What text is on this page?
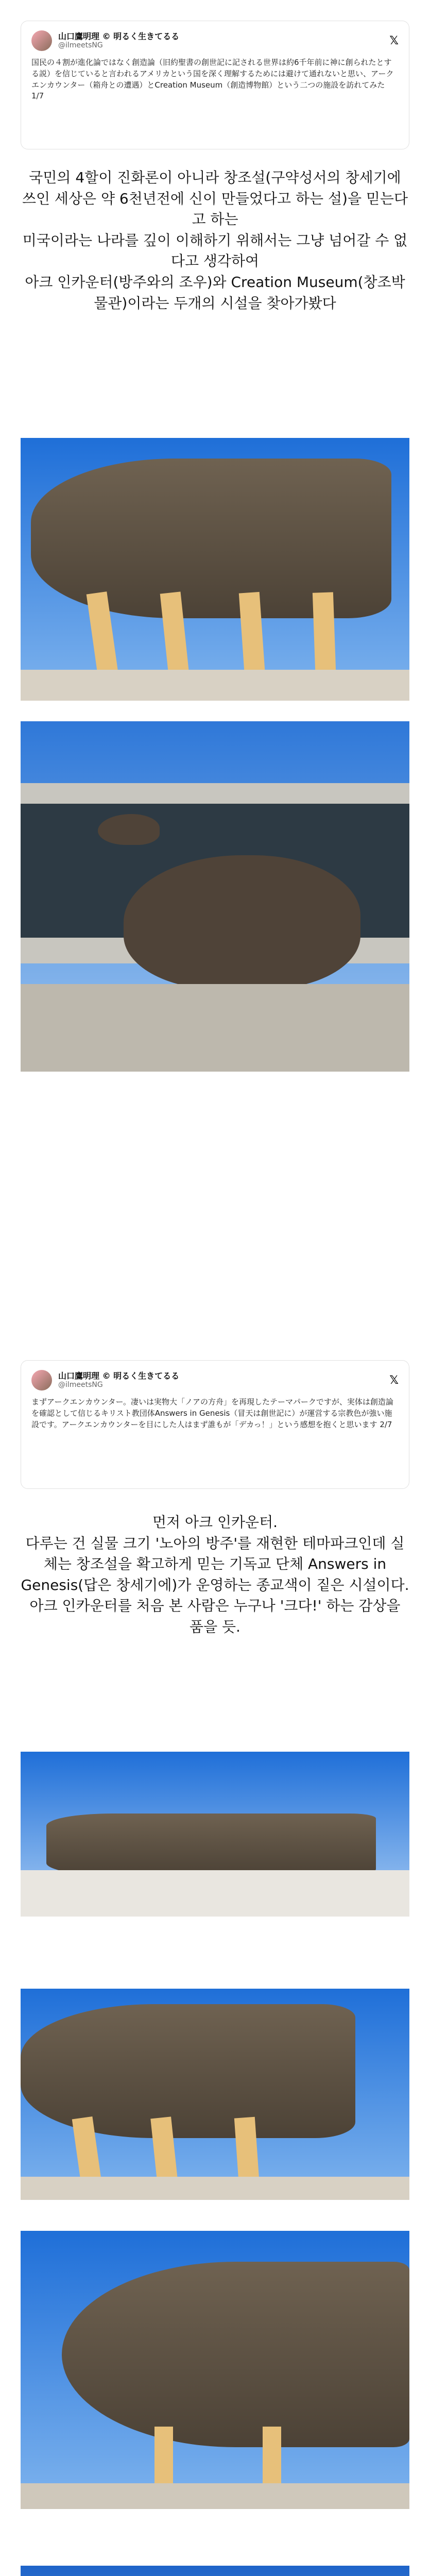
山口鷹明理 © 明るく生きてるる
@ilmeetsNG	𝕏
国民の４割が進化論ではなく創造論（旧約聖書の創世記に記される世界は約6千年前に神に創られたとする説）を信じていると言われるアメリカという国を深く理解するためには避けて通れないと思い、アークエンカウンター（箱舟との遭遇）とCreation Museum（創造博物館）という二つの施設を訪れてみた 1/7
국민의 4할이 진화론이 아니라 창조설(구약성서의 창세기에 쓰인 세상은 약 6천년전에 신이 만들었다고 하는 설)을 믿는다고 하는
미국이라는 나라를 깊이 이해하기 위해서는 그냥 넘어갈 수 없다고 생각하여
아크 인카운터(방주와의 조우)와 Creation Museum(창조박물관)이라는 두개의 시설을 찾아가봤다
山口鷹明理 © 明るく生きてるる
@ilmeetsNG	𝕏
まずアークエンカウンター。凄いは実物大「ノアの方舟」を再現したテーマパークですが、実体は創造論を確認として信じるキリスト教団体Answers in Genesis（冒天は創世記に）が運営する宗教色が強い施設です。アークエンカウンターを目にした人はまず誰もが「デカっ！」という感想を抱くと思います 2/7
먼저 아크 인카운터.
다루는 건 실물 크기 '노아의 방주'를 재현한 테마파크인데 실체는 창조설을 확고하게 믿는 기독교 단체 Answers in Genesis(답은 창세기에)가 운영하는 종교색이 짙은 시설이다.
아크 인카운터를 처음 본 사람은 누구나 '크다!' 하는 감상을 품을 듯.
